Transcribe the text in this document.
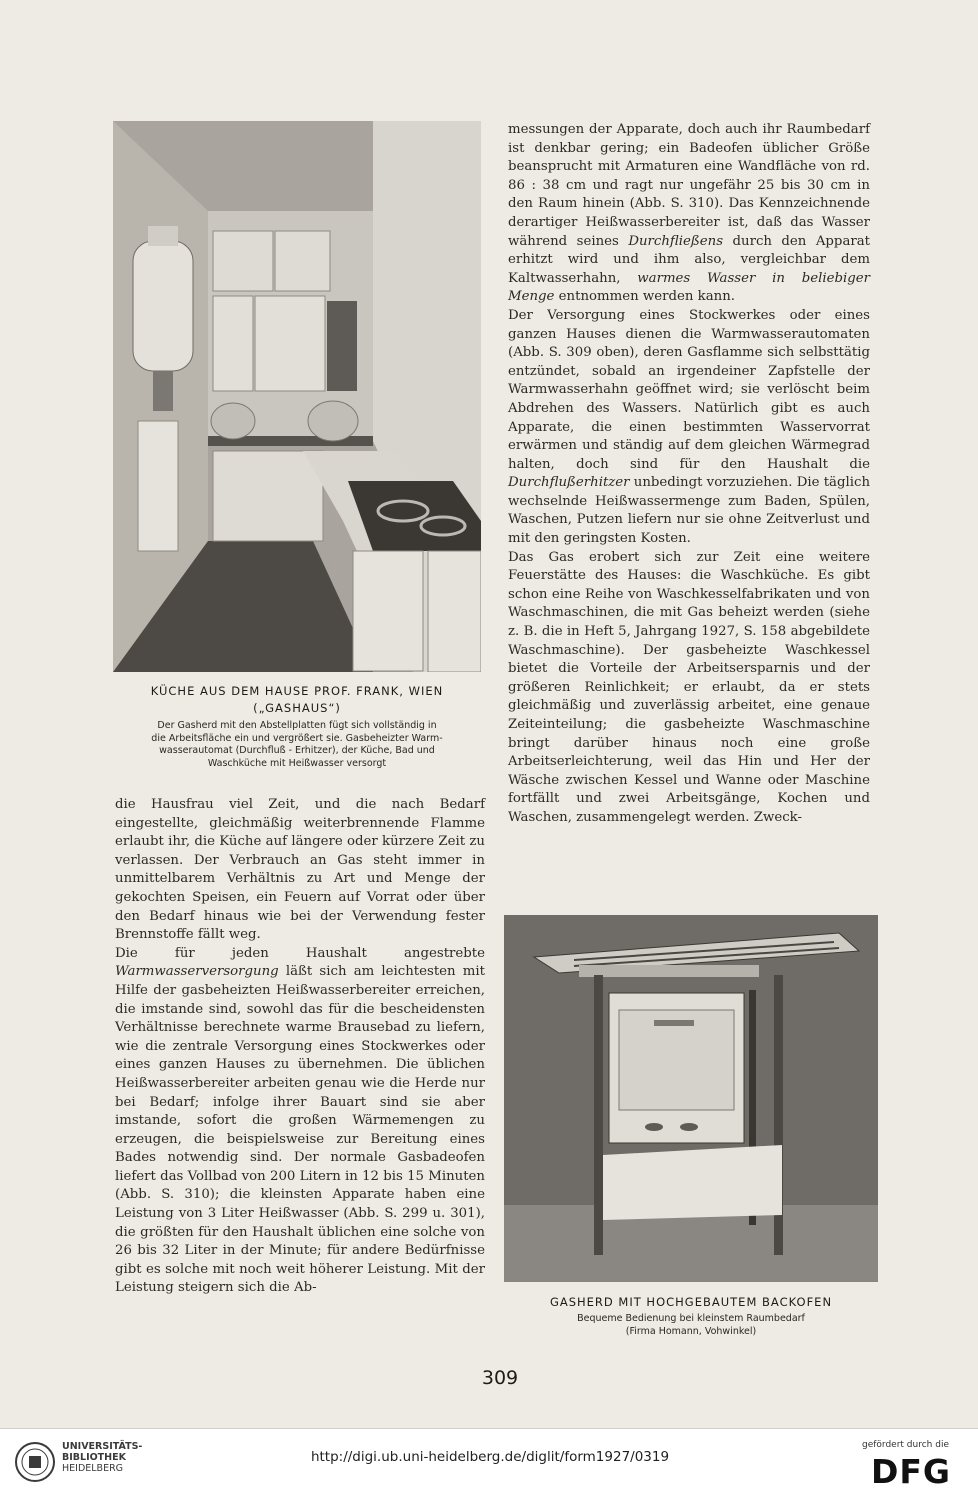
KÜCHE AUS DEM HAUSE PROF. FRANK, WIEN
(„GASHAUS“)
Der Gasherd mit den Abstellplatten fügt sich vollständig in
die Arbeitsfläche ein und vergrößert sie. Gasbeheizter Warm-
wasserautomat (Durchfluß - Erhitzer), der Küche, Bad und
Waschküche mit Heißwasser versorgt

messungen der Apparate, doch auch ihr Raumbedarf ist denkbar gering; ein Badeofen üblicher Größe beansprucht mit Armaturen eine Wandfläche von rd. 86 : 38 cm und ragt nur ungefähr 25 bis 30 cm in den Raum hinein (Abb. S. 310). Das Kennzeichnende derartiger Heißwasserbereiter ist, daß das Wasser während seines Durchfließens durch den Apparat erhitzt wird und ihm also, vergleichbar dem Kaltwasserhahn, warmes Wasser in beliebiger Menge entnommen werden kann.

Der Versorgung eines Stockwerkes oder eines ganzen Hauses dienen die Warmwasserautomaten (Abb. S. 309 oben), deren Gasflamme sich selbsttätig entzündet, sobald an irgendeiner Zapfstelle der Warmwasserhahn geöffnet wird; sie verlöscht beim Abdrehen des Wassers. Natürlich gibt es auch Apparate, die einen bestimmten Wasservorrat erwärmen und ständig auf dem gleichen Wärmegrad halten, doch sind für den Haushalt die Durchflußerhitzer unbedingt vorzuziehen. Die täglich wechselnde Heißwassermenge zum Baden, Spülen, Waschen, Putzen liefern nur sie ohne Zeitverlust und mit den geringsten Kosten.

Das Gas erobert sich zur Zeit eine weitere Feuerstätte des Hauses: die Waschküche. Es gibt schon eine Reihe von Waschkesselfabrikaten und von Waschmaschinen, die mit Gas beheizt werden (siehe z. B. die in Heft 5, Jahrgang 1927, S. 158 abgebildete Waschmaschine). Der gasbeheizte Waschkessel bietet die Vorteile der Arbeitsersparnis und der größeren Reinlichkeit; er erlaubt, da er stets gleichmäßig und zuverlässig arbeitet, eine genaue Zeiteinteilung; die gasbeheizte Waschmaschine bringt darüber hinaus noch eine große Arbeitserleichterung, weil das Hin und Her der Wäsche zwischen Kessel und Wanne oder Maschine fortfällt und zwei Arbeitsgänge, Kochen und Waschen, zusammengelegt werden. Zweck-

die Hausfrau viel Zeit, und die nach Bedarf eingestellte, gleichmäßig weiterbrennende Flamme erlaubt ihr, die Küche auf längere oder kürzere Zeit zu verlassen. Der Verbrauch an Gas steht immer in unmittelbarem Verhältnis zu Art und Menge der gekochten Speisen, ein Feuern auf Vorrat oder über den Bedarf hinaus wie bei der Verwendung fester Brennstoffe fällt weg.

Die für jeden Haushalt angestrebte Warmwasserversorgung läßt sich am leichtesten mit Hilfe der gasbeheizten Heißwasserbereiter erreichen, die imstande sind, sowohl das für die bescheidensten Verhältnisse berechnete warme Brausebad zu liefern, wie die zentrale Versorgung eines Stockwerkes oder eines ganzen Hauses zu übernehmen. Die üblichen Heißwasserbereiter arbeiten genau wie die Herde nur bei Bedarf; infolge ihrer Bauart sind sie aber imstande, sofort die großen Wärmemengen zu erzeugen, die beispielsweise zur Bereitung eines Bades notwendig sind. Der normale Gasbadeofen liefert das Vollbad von 200 Litern in 12 bis 15 Minuten (Abb. S. 310); die kleinsten Apparate haben eine Leistung von 3 Liter Heißwasser (Abb. S. 299 u. 301), die größten für den Haushalt üblichen eine solche von 26 bis 32 Liter in der Minute; für andere Bedürfnisse gibt es solche mit noch weit höherer Leistung. Mit der Leistung steigern sich die Ab-

GASHERD MIT HOCHGEBAUTEM BACKOFEN
Bequeme Bedienung bei kleinstem Raumbedarf
(Firma Homann, Vohwinkel)
309
UNIVERSITÄTS-
BIBLIOTHEK
HEIDELBERG
http://digi.ub.uni-heidelberg.de/diglit/form1927/0319
gefördert durch die
DFG
